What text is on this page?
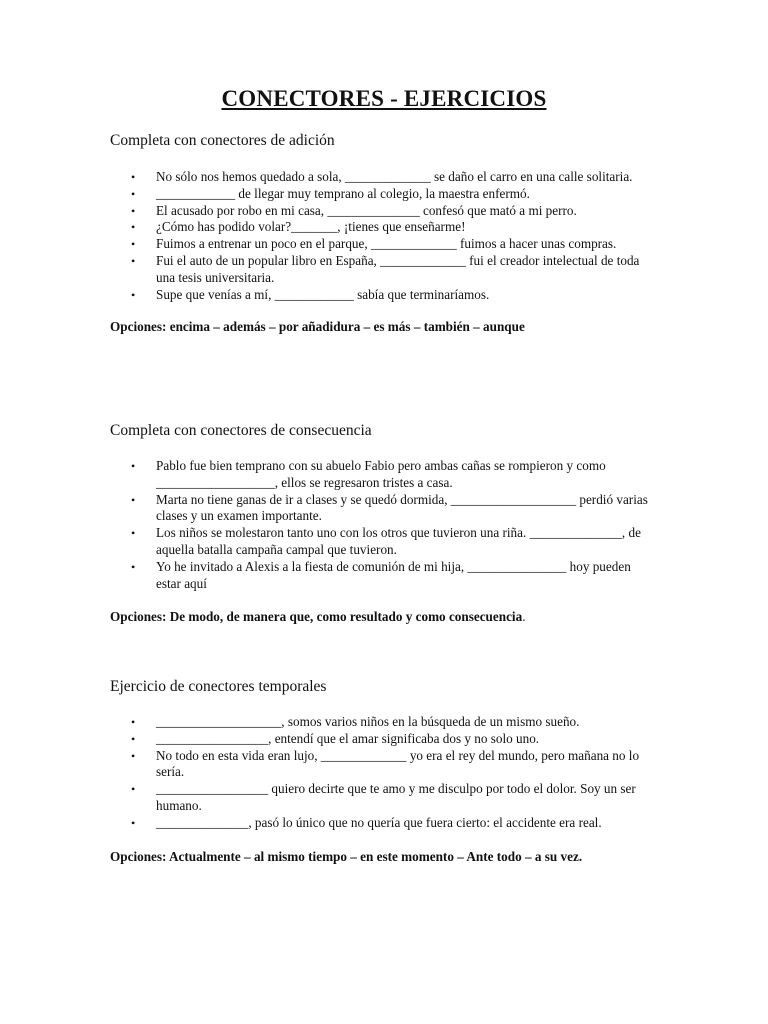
CONECTORES - EJERCICIOS

Completa con conectores de adición

• No sólo nos hemos quedado a sola, _____________ se daño el carro en una calle solitaria.
• ____________ de llegar muy temprano al colegio, la maestra enfermó.
• El acusado por robo en mi casa, ______________ confesó que mató a mi perro.
• ¿Cómo has podido volar?_______, ¡tienes que enseñarme!
• Fuimos a entrenar un poco en el parque, _____________ fuimos a hacer unas compras.
• Fui el auto de un popular libro en España, _____________ fui el creador intelectual de toda una tesis universitaria.
• Supe que venías a mí, ____________ sabía que terminaríamos.
Opciones: encima – además – por añadidura – es más – también – aunque

Completa con conectores de consecuencia

• Pablo fue bien temprano con su abuelo Fabio pero ambas cañas se rompieron y como __________________, ellos se regresaron tristes a casa.
• Marta no tiene ganas de ir a clases y se quedó dormida, ___________________ perdió varias clases y un examen importante.
• Los niños se molestaron tanto uno con los otros que tuvieron una riña. ______________, de aquella batalla campaña campal que tuvieron.
• Yo he invitado a Alexis a la fiesta de comunión de mi hija, _______________ hoy pueden estar aquí
Opciones: De modo, de manera que, como resultado y como consecuencia.

Ejercicio de conectores temporales

• ___________________, somos varios niños en la búsqueda de un mismo sueño.
• _________________, entendí que el amar significaba dos y no solo uno.
• No todo en esta vida eran lujo, _____________ yo era el rey del mundo, pero mañana no lo sería.
• _________________ quiero decirte que te amo y me disculpo por todo el dolor. Soy un ser humano.
• ______________, pasó lo único que no quería que fuera cierto: el accidente era real.
Opciones: Actualmente – al mismo tiempo – en este momento – Ante todo – a su vez.
